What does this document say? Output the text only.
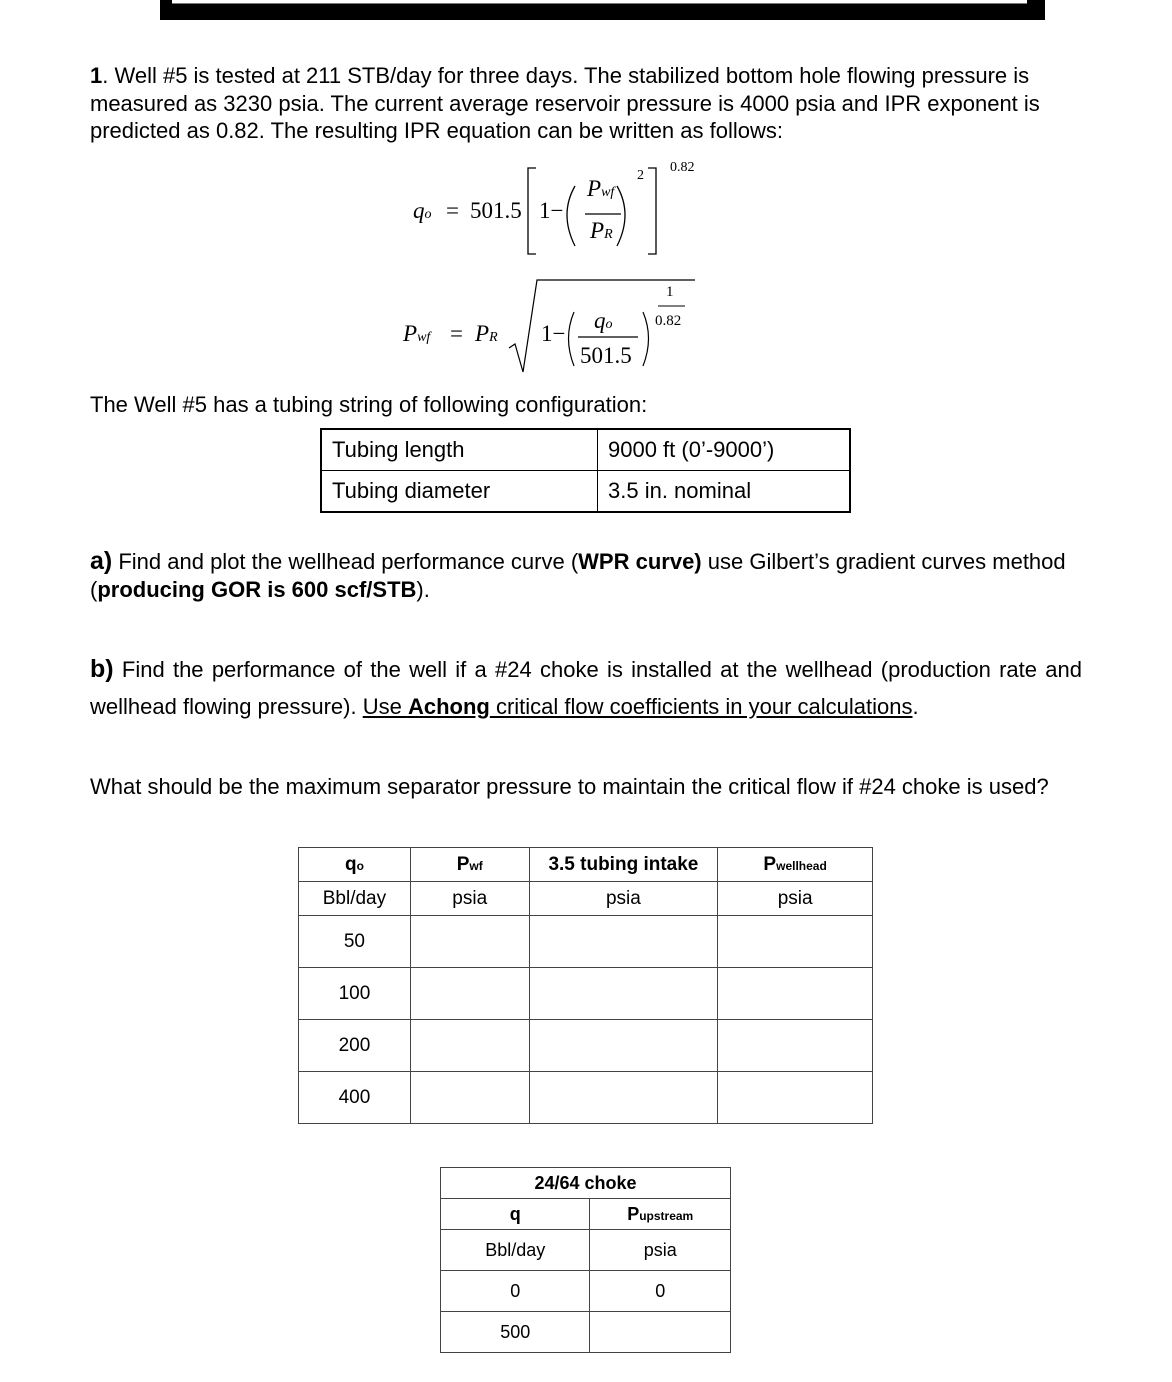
1. Well #5 is tested at 211 STB/day for three days. The stabilized bottom hole flowing pressure is measured as 3230 psia. The current average reservoir pressure is 4000 psia and IPR exponent is predicted as 0.82. The resulting IPR equation can be written as follows:

qo = 501.5 1−
Pwf
PR
2
0.82
Pwf = PR 1−
qo
501.5
1
0.82

The Well #5 has a tubing string of following configuration:

Tubing length	9000 ft (0’-9000’)
Tubing diameter	3.5 in. nominal

a) Find and plot the wellhead performance curve (WPR curve) use Gilbert’s gradient curves method (producing GOR is 600 scf/STB).

b) Find the performance of the well if a #24 choke is installed at the wellhead (production rate and wellhead flowing pressure). Use Achong critical flow coefficients in your calculations.

What should be the maximum separator pressure to maintain the critical flow if #24 choke is used?

qo	Pwf	3.5 tubing intake	Pwellhead
Bbl/day	psia	psia	psia
50			
100			
200			
400			
24/64 choke	
q	Pupstream
Bbl/day	psia
0	0
500	
